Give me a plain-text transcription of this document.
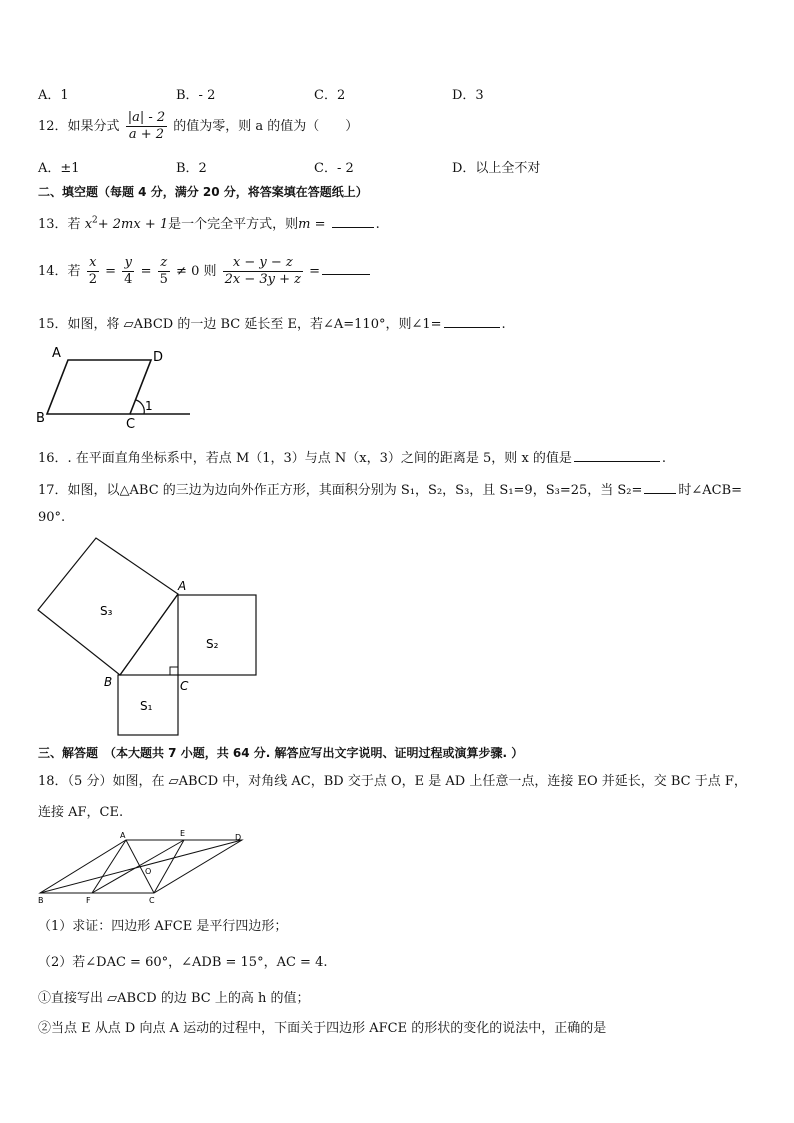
A．1	B．- 2	C．2	D．3
12．如果分式 $\frac{|a| - 2}{a + 2}$ 的值为零，则 a 的值为（　　）
A．±1	B．2	C．- 2	D．以上全不对
二、填空题（每题 4 分，满分 20 分，将答案填在答题纸上）
13．若 $x^2+ 2mx + 1$是一个完全平方式，则m =	.
14．若 $\frac{x}{2} = \frac{y}{4} = \frac{z}{5} \ne 0$ 则 $\frac{x - y - z}{2x - 3y + z}$ =
15．如图，将 ▱ABCD 的一边 BC 延长至 E，若∠A=110°，则∠1=	.
A	D
B	C
1
16．. 在平面直角坐标系中，若点 M（1，3）与点 N（x，3）之间的距离是 5，则 x 的值是	.
17．如图，以△ABC 的三边为边向外作正方形，其面积分别为 S₁，S₂，S₃，且 S₁=9，S₃=25，当 S₂=	时∠ACB=
90°.
S₃
S₂
S₁
A
B	C
三、解答题　（本大题共 7 小题，共 64 分. 解答应写出文字说明、证明过程或演算步骤. ）
18．（5 分）如图，在 ▱ABCD 中，对角线 AC，BD 交于点 O，E 是 AD 上任意一点，连接 EO 并延长，交 BC 于点 F，
连接 AF，CE.
A	E	D
B	F	C
O
（1）求证：四边形 AFCE 是平行四边形；
（2）若∠DAC = 60°，∠ADB = 15°，AC = 4.
①直接写出 ▱ABCD 的边 BC 上的高 h 的值；
②当点 E 从点 D 向点 A 运动的过程中，下面关于四边形 AFCE 的形状的变化的说法中，正确的是
